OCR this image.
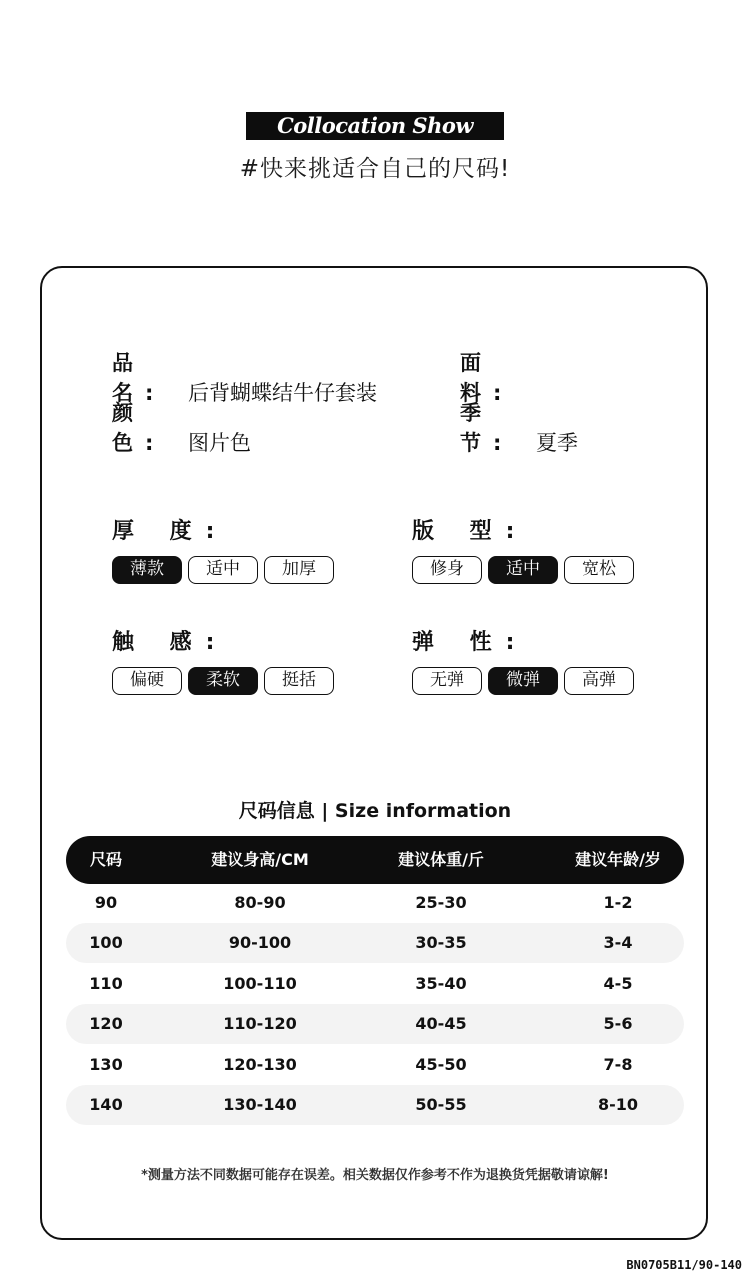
Collocation Show
#快来挑适合自己的尺码!
品 名: 后背蝴蝶结牛仔套装
面 料:
颜 色: 图片色
季 节: 夏季
厚 度:
薄款	适中	加厚
版 型:
修身	适中	宽松
触 感:
偏硬	柔软	挺括
弹 性:
无弹	微弹	高弹
尺码信息 | Size information
尺码	建议身高/CM	建议体重/斤	建议年龄/岁
90	80-90	25-30	1-2
100	90-100	30-35	3-4
110	100-110	35-40	4-5
120	110-120	40-45	5-6
130	120-130	45-50	7-8
140	130-140	50-55	8-10
*测量方法不同数据可能存在误差。相关数据仅作参考不作为退换货凭据敬请谅解!
BN0705B11/90-140
